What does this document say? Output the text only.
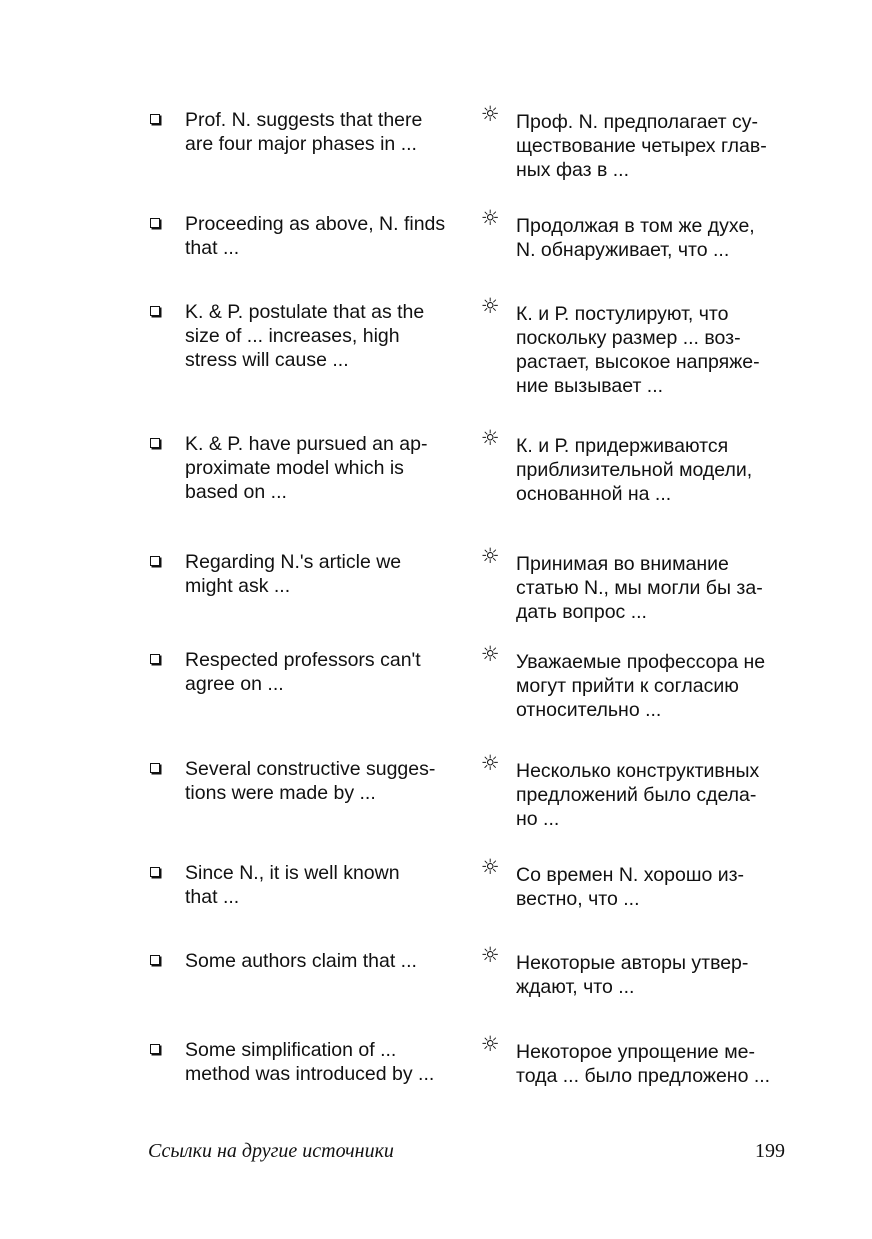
Prof. N. suggests that there
are four major phases in ...
☼ Проф. N. предполагает су-
ществование четырех глав-
ных фаз в ...
Proceeding as above, N. finds
that ...
☼ Продолжая в том же духе,
N. обнаруживает, что ...
K. & P. postulate that as the
size of ... increases, high
stress will cause ...
☼ К. и Р. постулируют, что
поскольку размер ... воз-
растает, высокое напряже-
ние вызывает ...
K. & P. have pursued an ap-
proximate model which is
based on ...
☼ К. и Р. придерживаются
приблизительной модели,
основанной на ...
Regarding N.'s article we
might ask ...
☼ Принимая во внимание
статью N., мы могли бы за-
дать вопрос ...
Respected professors can't
agree on ...
☼ Уважаемые профессора не
могут прийти к согласию
относительно ...
Several constructive sugges-
tions were made by ...
☼ Несколько конструктивных
предложений было сдела-
но ...
Since N., it is well known
that ...
☼ Со времен N. хорошо из-
вестно, что ...
Some authors claim that ...	☼ Некоторые авторы утвер-
ждают, что ...
Some simplification of ...
method was introduced by ...
☼ Некоторое упрощение ме-
тода ... было предложено ...
Ссылки на другие источники	199
